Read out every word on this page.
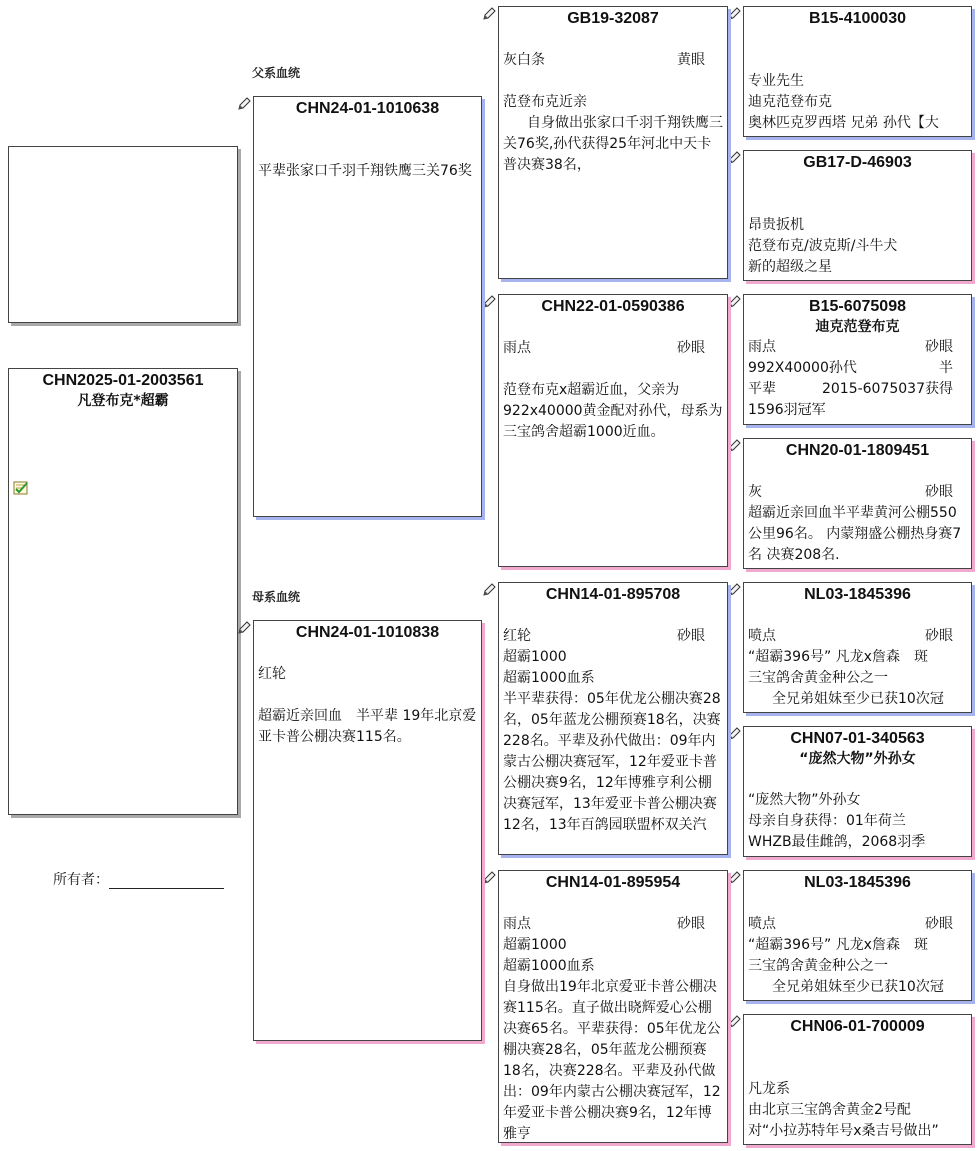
CHN2025-01-2003561
凡登布克*超霸
所有者：
父系血统
母系血统
CHN24-01-1010638
平辈张家口千羽千翔铁鹰三关76奖
CHN24-01-1010838
红轮
超霸近亲回血　半平辈 19年北京爱亚卡普公棚决赛115名。
GB19-32087
灰白条	黄眼
范登布克近亲
自身做出张家口千羽千翔铁鹰三关76奖,孙代获得25年河北中天卡普决赛38名，
CHN22-01-0590386
雨点	砂眼
范登布克x超霸近血，父亲为922x40000黄金配对孙代，母系为三宝鸽舍超霸1000近血。
CHN14-01-895708
红轮	砂眼
超霸1000
超霸1000血系
半平辈获得：05年优龙公棚决赛28名，05年蓝龙公棚预赛18名，决赛228名。平辈及孙代做出：09年内蒙古公棚决赛冠军，12年爱亚卡普公棚决赛9名，12年博雅亨利公棚决赛冠军，13年爱亚卡普公棚决赛12名，13年百鸽园联盟杯双关汽
CHN14-01-895954
雨点	砂眼
超霸1000
超霸1000血系
自身做出19年北京爱亚卡普公棚决赛115名。直子做出晓辉爱心公棚决赛65名。平辈获得：05年优龙公棚决赛28名，05年蓝龙公棚预赛18名，决赛228名。平辈及孙代做出：09年内蒙古公棚决赛冠军，12年爱亚卡普公棚决赛9名，12年博雅亨
B15-4100030
专业先生
迪克范登布克
奥林匹克罗西塔 兄弟 孙代【大
GB17-D-46903
昂贵扳机
范登布克/波克斯/斗牛犬
新的超级之星
B15-6075098
迪克范登布克
雨点	砂眼
992X40000孙代	半
平辈	2015-6075037获得
1596羽冠军
CHN20-01-1809451
灰	砂眼
超霸近亲回血半平辈黄河公棚550公里96名。 内蒙翔盛公棚热身赛7名 决赛208名.
NL03-1845396
喷点	砂眼
“超霸396号” 凡龙x詹森　斑
三宝鸽舍黄金种公之一
全兄弟姐妹至少已获10次冠
CHN07-01-340563
“庞然大物”外孙女
“庞然大物”外孙女
母亲自身获得：01年荷兰
WHZB最佳雌鸽，2068羽季
NL03-1845396
喷点	砂眼
“超霸396号” 凡龙x詹森　斑
三宝鸽舍黄金种公之一
全兄弟姐妹至少已获10次冠
CHN06-01-700009
凡龙系
由北京三宝鸽舍黄金2号配
对“小拉苏特年号x桑吉号做出”
